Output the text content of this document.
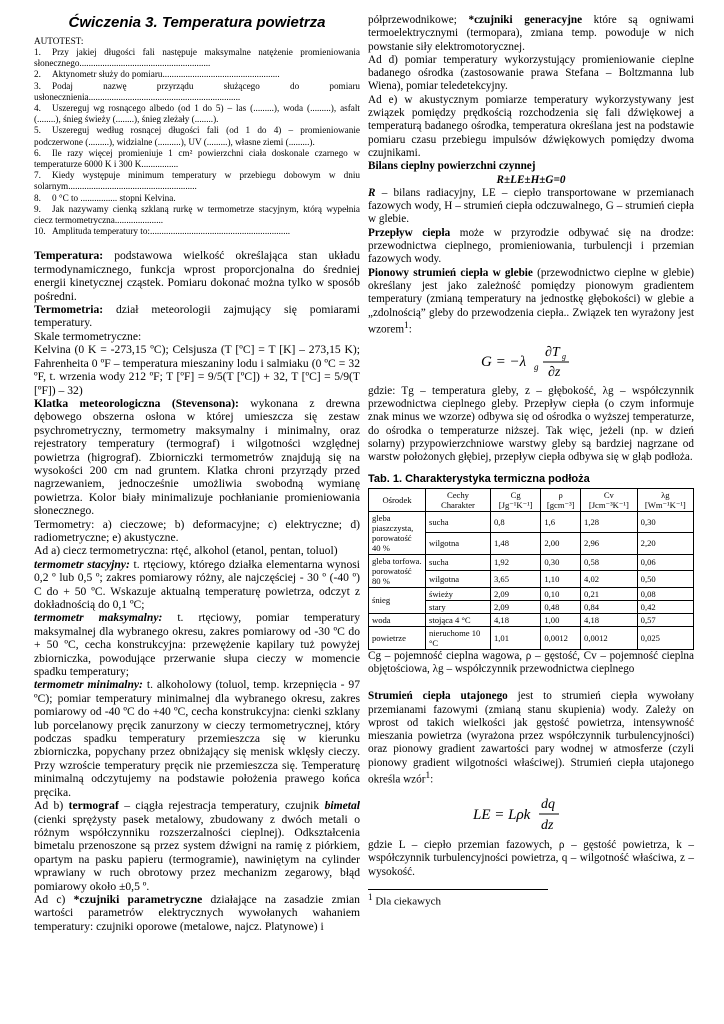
Ćwiczenia 3. Temperatura powietrza
AUTOTEST:
1. Przy jakiej długości fali następuje maksymalne natężenie promieniowania słonecznego.........................................................
2. Aktynometr służy do pomiaru...................................................
3. Podaj nazwę przyrządu służącego do pomiaru usłonecznienia..................................................................
4. Uszereguj wg rosnącego albedo (od 1 do 5) – las (.........), woda (.........), asfalt (........), śnieg świeży (........), śnieg zleżały (........).
5. Uszereguj według rosnącej długości fali (od 1 do 4) – promieniowanie podczerwone (.........), widzialne (..........), UV (.........), własne ziemi (.........).
6. Ile razy więcej promieniuje 1 cm² powierzchni ciała doskonale czarnego w temperaturze 6000 K i 300 K................
7. Kiedy występuje minimum temperatury w przebiegu dobowym w dniu solarnym........................................................
8. 0 °C to ................ stopni Kelvina.
9. Jak nazywamy cienką szklaną rurkę w termometrze stacyjnym, którą wypełnia ciecz termometryczna.....................
10. Amplituda temperatury to:.............................................................

Temperatura: podstawowa wielkość określająca stan układu termodynamicznego, funkcja wprost proporcjonalna do średniej energii kinetycznej cząstek. Pomiaru dokonać można tylko w sposób pośredni.

Termometria: dział meteorologii zajmujący się pomiarami temperatury.

Skale termometryczne:

Kelvina (0 K = -273,15 ºC); Celsjusza (T [ºC] = T [K] – 273,15 K); Fahrenheita 0 ºF – temperatura mieszaniny lodu i salmiaku (0 ºC = 32 ºF, t. wrzenia wody 212 ºF; T [ºF] = 9/5(T [ºC]) + 32, T [ºC] = 5/9(T [ºF]) – 32)

Klatka meteorologiczna (Stevensona): wykonana z drewna dębowego obszerna osłona w której umieszcza się zestaw psychrometryczny, termometry maksymalny i minimalny, oraz rejestratory temperatury (termograf) i wilgotności względnej powietrza (higrograf). Zbiorniczki termometrów znajdują się na wysokości 200 cm nad gruntem. Klatka chroni przyrządy przed nagrzewaniem, jednocześnie umożliwia swobodną wymianę powietrza. Kolor biały minimalizuje pochłanianie promieniowania słonecznego.

Termometry: a) cieczowe; b) deformacyjne; c) elektryczne; d) radiometryczne; e) akustyczne.

Ad a) ciecz termometryczna: rtęć, alkohol (etanol, pentan, toluol)

termometr stacyjny: t. rtęciowy, którego działka elementarna wynosi 0,2 º lub 0,5 º; zakres pomiarowy różny, ale najczęściej - 30 º (-40 º) C do + 50 ºC. Wskazuje aktualną temperaturę powietrza, odczyt z dokładnością do 0,1 ºC;

termometr maksymalny: t. rtęciowy, pomiar temperatury maksymalnej dla wybranego okresu, zakres pomiarowy od -30 ºC do + 50 ºC, cecha konstrukcyjna: przewężenie kapilary tuż powyżej zbiorniczka, powodujące przerwanie słupa cieczy w momencie spadku temperatury;

termometr minimalny: t. alkoholowy (toluol, temp. krzepnięcia - 97 ºC); pomiar temperatury minimalnej dla wybranego okresu, zakres pomiarowy od -40 ºC do +40 ºC, cecha konstrukcyjna: cienki szklany lub porcelanowy pręcik zanurzony w cieczy termometrycznej, który podczas spadku temperatury przemieszcza się w kierunku zbiorniczka, popychany przez obniżający się menisk wklęsły cieczy. Przy wzroście temperatury pręcik nie przemieszcza się. Temperaturę minimalną odczytujemy na podstawie położenia prawego końca pręcika.

Ad b) termograf – ciągła rejestracja temperatury, czujnik bimetal (cienki sprężysty pasek metalowy, zbudowany z dwóch metali o różnym współczynniku rozszerzalności cieplnej). Odkształcenia bimetalu przenoszone są przez system dźwigni na ramię z piórkiem, opartym na pasku papieru (termogramie), nawiniętym na cylinder wprawiany w ruch obrotowy przez mechanizm zegarowy, błąd pomiarowy około ±0,5 º.

Ad c) *czujniki parametryczne działające na zasadzie zmian wartości parametrów elektrycznych wywołanych wahaniem temperatury: czujniki oporowe (metalowe, najcz. Platynowe) i

półprzewodnikowe; *czujniki generacyjne które są ogniwami termoelektrycznymi (termopara), zmiana temp. powoduje w nich powstanie siły elektromotorycznej.

Ad d) pomiar temperatury wykorzystujący promieniowanie cieplne badanego ośrodka (zastosowanie prawa Stefana – Boltzmanna lub Wiena), pomiar teledetekcyjny.

Ad e) w akustycznym pomiarze temperatury wykorzystywany jest związek pomiędzy prędkością rozchodzenia się fali dźwiękowej a temperaturą badanego ośrodka, temperatura określana jest na podstawie pomiaru czasu przebiegu impulsów dźwiękowych pomiędzy dwoma czujnikami.

Bilans cieplny powierzchni czynnej

R±LE±H±G=0

R – bilans radiacyjny, LE – ciepło transportowane w przemianach fazowych wody, H – strumień ciepła odczuwalnego, G – strumień ciepła w glebie.

Przepływ ciepła może w przyrodzie odbywać się na drodze: przewodnictwa cieplnego, promieniowania, turbulencji i przemian fazowych wody.

Pionowy strumień ciepła w glebie (przewodnictwo cieplne w glebie) określany jest jako zależność pomiędzy pionowym gradientem temperatury (zmianą temperatury na jednostkę głębokości) w glebie a „zdolnością” gleby do przewodzenia ciepła.. Związek ten wyrażony jest wzorem$^1$:

G = −λ g
∂T g
∂z

gdzie: Tg – temperatura gleby, z – głębokość, λg – współczynnik przewodnictwa cieplnego gleby. Przepływ ciepła (o czym informuje znak minus we wzorze) odbywa się od ośrodka o wyższej temperaturze, do ośrodka o temperaturze niższej. Tak więc, jeżeli (np. w dzień solarny) przypowierzchniowe warstwy gleby są bardziej nagrzane od warstw położonych głębiej, przepływ ciepła odbywa się w głąb podłoża.

Tab. 1. Charakterystyka termiczna podłoża
Ośrodek	Cechy Charakter	Cg [Jg⁻¹K⁻¹]	ρ [gcm⁻³]	Cv [Jcm⁻³K⁻¹]	λg [Wm⁻¹K⁻¹]
gleba piaszczysta, porowatość 40 %	sucha	0,8	1,6	1,28	0,30
	wilgotna	1,48	2,00	2,96	2,20
gleba torfowa. porowatość 80 %	sucha	1,92	0,30	0,58	0,06
	wilgotna	3,65	1,10	4,02	0,50
śnieg	świeży	2,09	0,10	0,21	0,08
	stary	2,09	0,48	0,84	0,42
woda	stojąca 4 °C	4,18	1,00	4,18	0,57
powietrze	nieruchome 10 °C	1,01	0,0012	0,0012	0,025

Cg – pojemność cieplna wagowa, ρ – gęstość, Cv – pojemność cieplna objętościowa, λg – współczynnik przewodnictwa cieplnego

Strumień ciepła utajonego jest to strumień ciepła wywołany przemianami fazowymi (zmianą stanu skupienia) wody. Zależy on wprost od takich wielkości jak gęstość powietrza, intensywność mieszania powietrza (wyrażona przez współczynnik turbulencyjności) oraz pionowy gradient zawartości pary wodnej w atmosferze (czyli pionowy gradient wilgotności właściwej). Strumień ciepła utajonego określa wzór$^1$:

LE = Lρk
dq
dz

gdzie L – ciepło przemian fazowych, ρ – gęstość powietrza, k – współczynnik turbulencyjności powietrza, q – wilgotność właściwa, z – wysokość.

$^1$ Dla ciekawych
